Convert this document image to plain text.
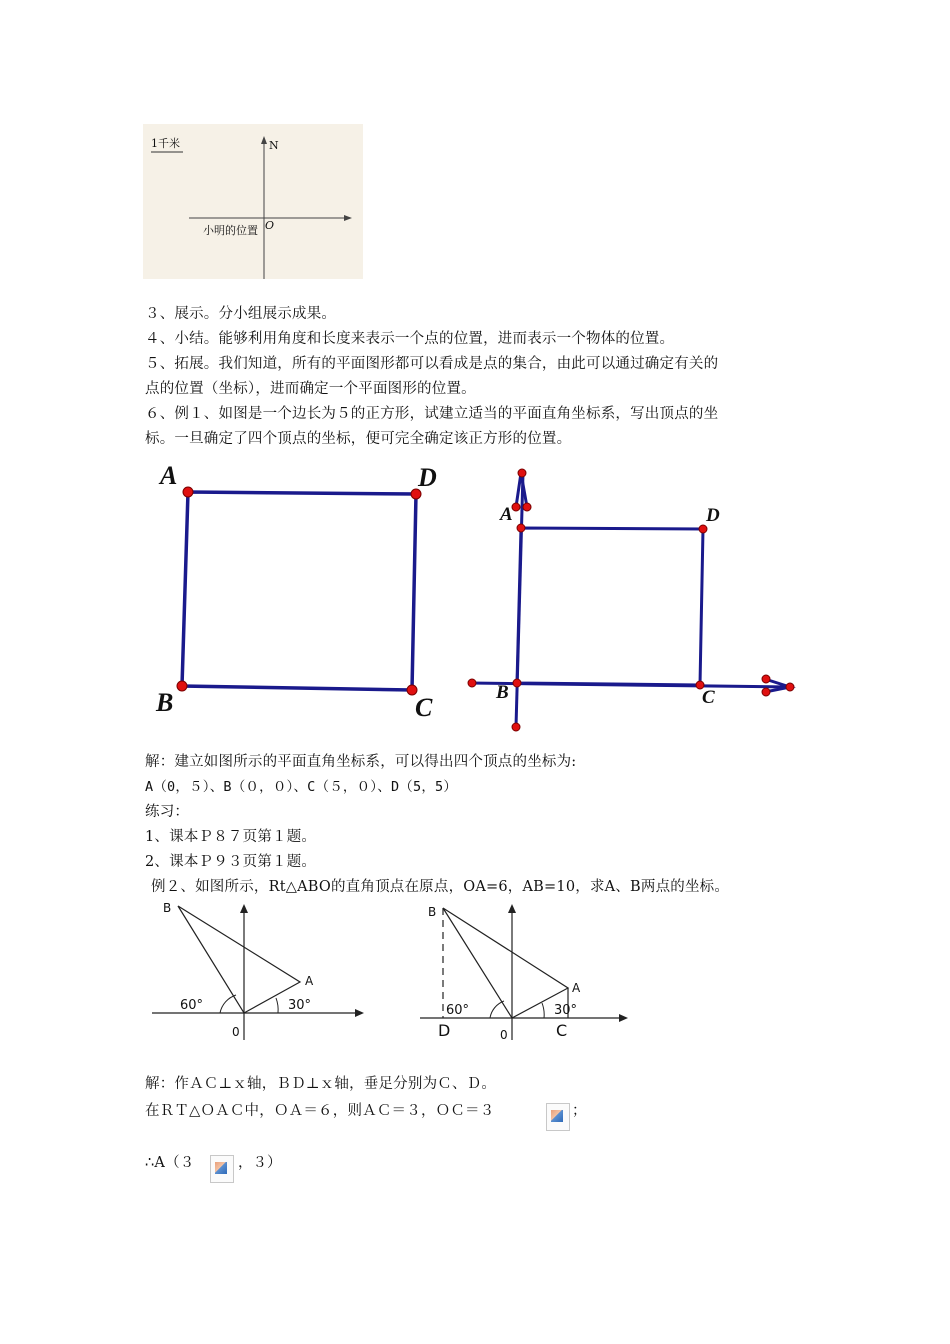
1千米	N
O
小明的位置
３、展示。分小组展示成果。
４、小结。能够利用角度和长度来表示一个点的位置，进而表示一个物体的位置。
５、拓展。我们知道，所有的平面图形都可以看成是点的集合，由此可以通过确定有关的
点的位置（坐标），进而确定一个平面图形的位置。
６、例１、如图是一个边长为５的正方形，试建立适当的平面直角坐标系，写出顶点的坐
标。一旦确定了四个顶点的坐标，便可完全确定该正方形的位置。
A	D
B	C
A	D
B	C
解：建立如图所示的平面直角坐标系，可以得出四个顶点的坐标为:
A（0，５）、B（０，０）、C（５，０）、D（5，5）
练习：
1、课本Ｐ８７页第１题。
2、课本Ｐ９３页第１题。
例２、如图所示，Rt△ABO的直角顶点在原点，OA=6，AB=10，求A、B两点的坐标。
B
A
0
60°	30°
B
A
0
60°	30°
D	C
解：作ＡＣ⊥ｘ轴，ＢＤ⊥ｘ轴，垂足分别为Ｃ、Ｄ。
在ＲＴ△ＯＡＣ中，ＯＡ＝６，则ＡＣ＝３，ＯＣ＝３	；
∴A（３	，３）
